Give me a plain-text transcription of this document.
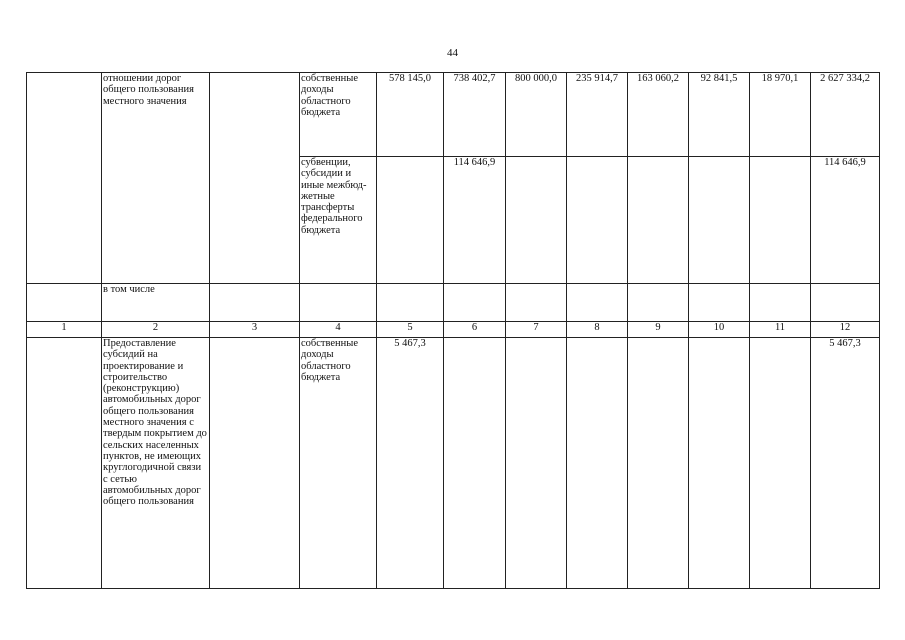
44
	отношении дорог общего пользования местного значения		собственные доходы областного бюджета	578 145,0	738 402,7	800 000,0	235 914,7	163 060,2	92 841,5	18 970,1	2 627 334,2
			субвенции, субсидии и иные межбюд-жетные трансферты федерального бюджета		114 646,9						114 646,9
	в том числе										
1	2	3	4	5	6	7	8	9	10	11	12
	Предоставление субсидий на проектирование и строительство (реконструкцию) автомобильных дорог общего пользования местного значения с твердым покрытием до сельских населенных пунктов, не имеющих круглогодичной связи с сетью автомобильных дорог общего пользования		собственные доходы областного бюджета	5 467,3							5 467,3
